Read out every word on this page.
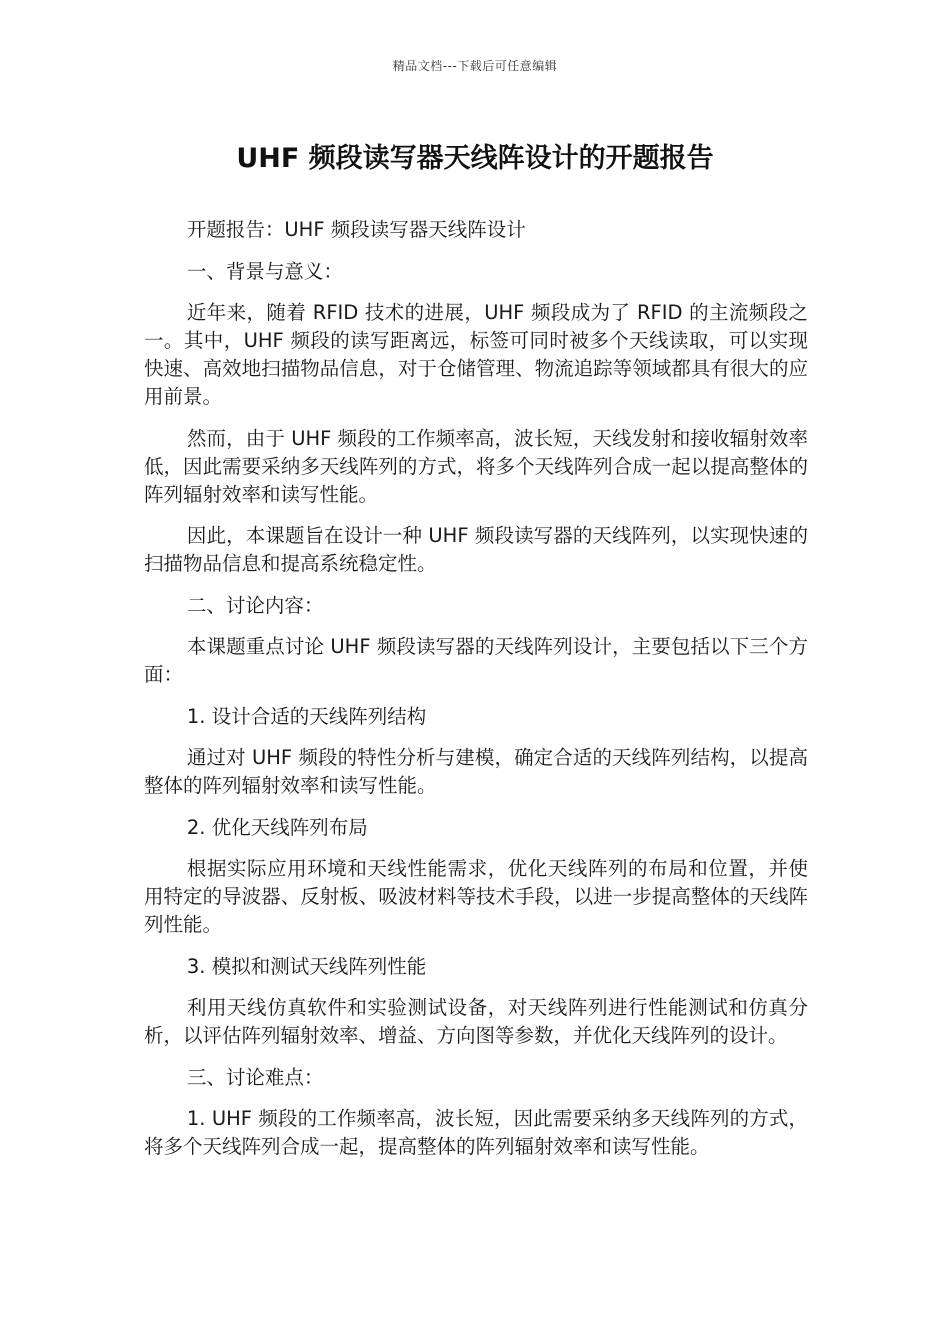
精品文档---下载后可任意编辑
UHF 频段读写器天线阵设计的开题报告

开题报告：UHF 频段读写器天线阵设计

一、背景与意义：

近年来，随着 RFID 技术的进展，UHF 频段成为了 RFID 的主流频段之一。其中，UHF 频段的读写距离远，标签可同时被多个天线读取，可以实现快速、高效地扫描物品信息，对于仓储管理、物流追踪等领域都具有很大的应用前景。

然而，由于 UHF 频段的工作频率高，波长短，天线发射和接收辐射效率低，因此需要采纳多天线阵列的方式，将多个天线阵列合成一起以提高整体的阵列辐射效率和读写性能。

因此，本课题旨在设计一种 UHF 频段读写器的天线阵列，以实现快速的扫描物品信息和提高系统稳定性。

二、讨论内容：

本课题重点讨论 UHF 频段读写器的天线阵列设计，主要包括以下三个方面：

1. 设计合适的天线阵列结构

通过对 UHF 频段的特性分析与建模，确定合适的天线阵列结构，以提高整体的阵列辐射效率和读写性能。

2. 优化天线阵列布局

根据实际应用环境和天线性能需求，优化天线阵列的布局和位置，并使用特定的导波器、反射板、吸波材料等技术手段，以进一步提高整体的天线阵列性能。

3. 模拟和测试天线阵列性能

利用天线仿真软件和实验测试设备，对天线阵列进行性能测试和仿真分析，以评估阵列辐射效率、增益、方向图等参数，并优化天线阵列的设计。

三、讨论难点：

1. UHF 频段的工作频率高，波长短，因此需要采纳多天线阵列的方式，将多个天线阵列合成一起，提高整体的阵列辐射效率和读写性能。
